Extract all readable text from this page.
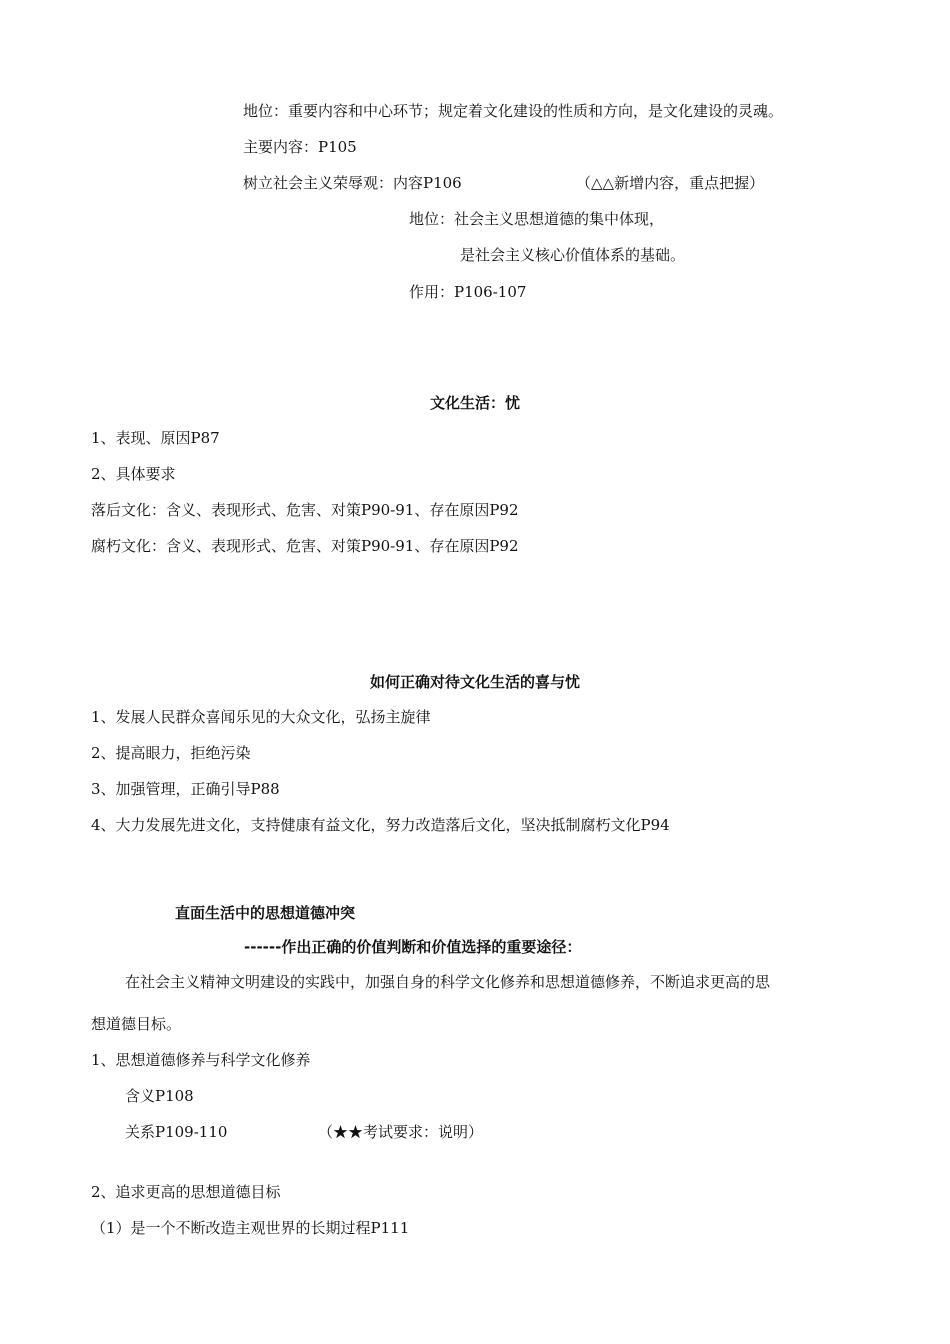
地位：重要内容和中心环节；规定着文化建设的性质和方向，是文化建设的灵魂。
主要内容：P105
树立社会主义荣辱观：内容P106	（△△新增内容，重点把握）
地位：社会主义思想道德的集中体现，
是社会主义核心价值体系的基础。
作用：P106-107
文化生活：忧
1、表现、原因P87
2、具体要求
落后文化：含义、表现形式、危害、对策P90-91、存在原因P92
腐朽文化：含义、表现形式、危害、对策P90-91、存在原因P92
如何正确对待文化生活的喜与忧
1、发展人民群众喜闻乐见的大众文化，弘扬主旋律
2、提高眼力，拒绝污染
3、加强管理，正确引导P88
4、大力发展先进文化，支持健康有益文化，努力改造落后文化，坚决抵制腐朽文化P94
直面生活中的思想道德冲突
------作出正确的价值判断和价值选择的重要途径：
在社会主义精神文明建设的实践中，加强自身的科学文化修养和思想道德修养，不断追求更高的思
想道德目标。
1、思想道德修养与科学文化修养
含义P108
关系P109-110	（★★考试要求：说明）
2、追求更高的思想道德目标
（1）是一个不断改造主观世界的长期过程P111
